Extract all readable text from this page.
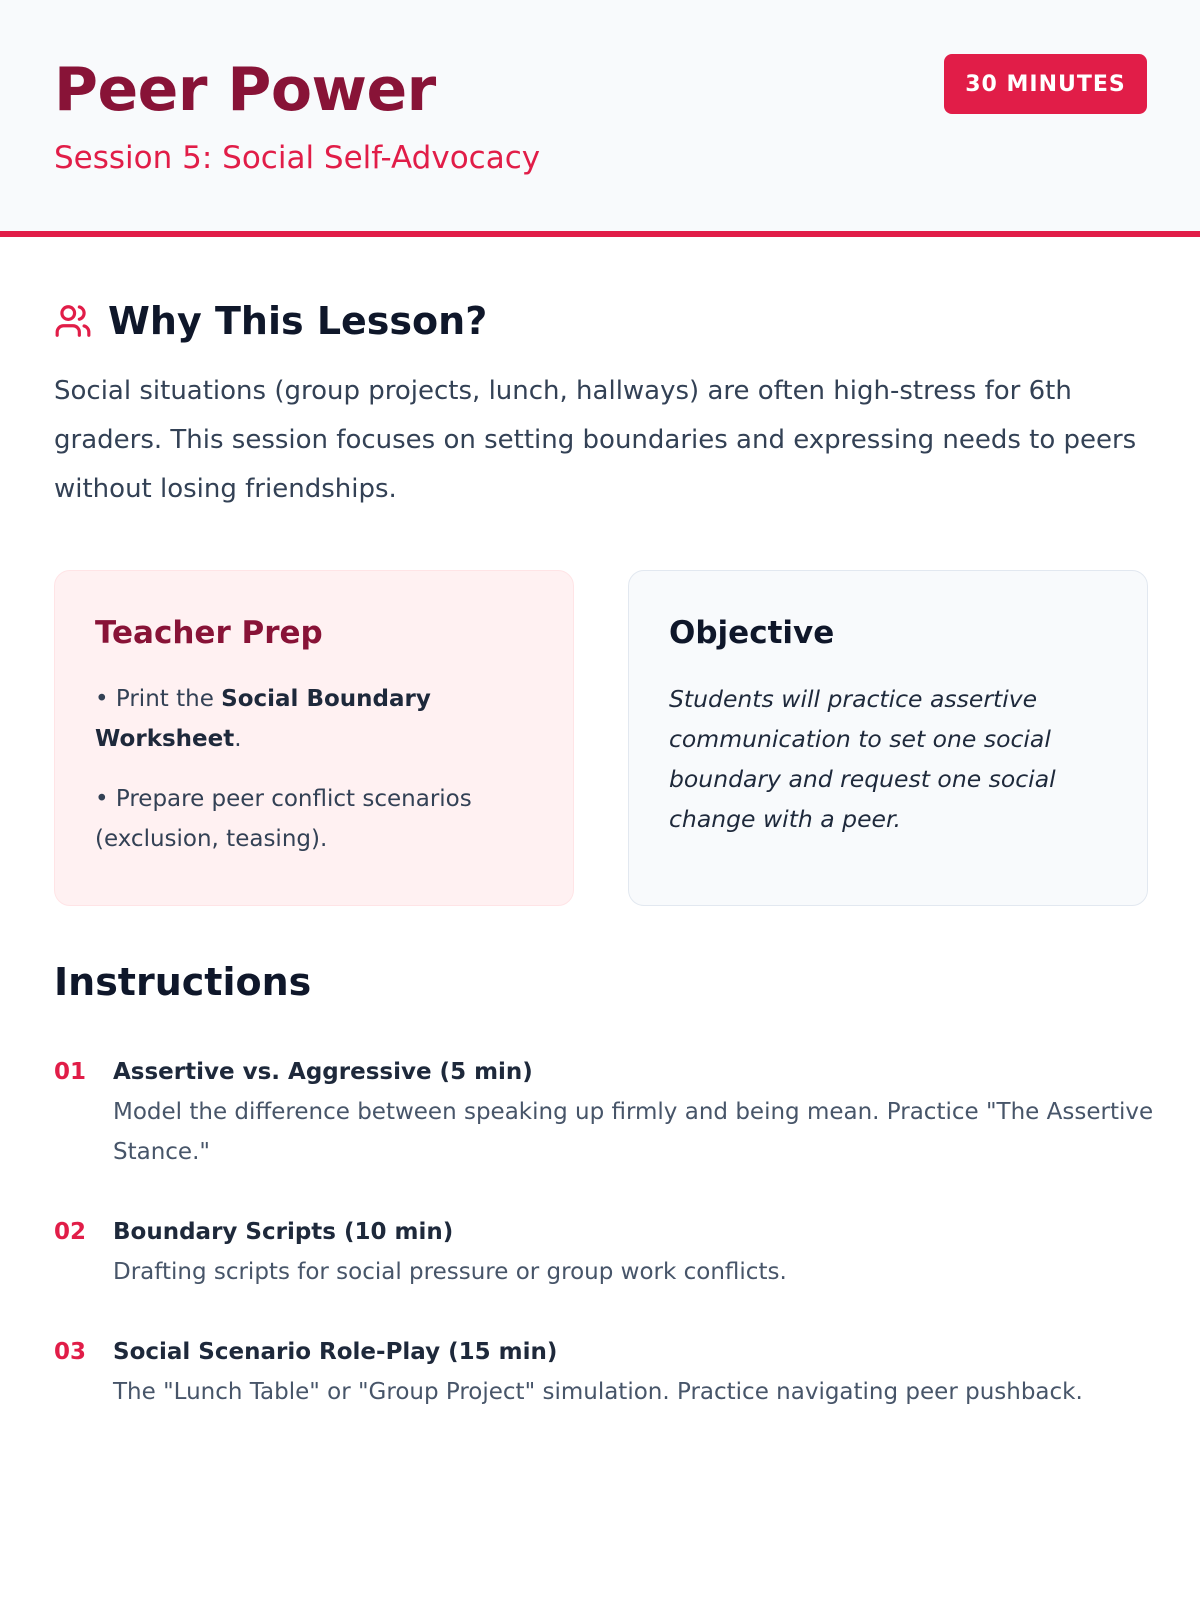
Peer Power
Session 5: Social Self-Advocacy
30 MINUTES
Why This Lesson?

Social situations (group projects, lunch, hallways) are often high-stress for 6th graders. This session focuses on setting boundaries and expressing needs to peers without losing friendships.

Teacher Prep

• Print the Social Boundary Worksheet.

• Prepare peer conflict scenarios (exclusion, teasing).

Objective

Students will practice assertive communication to set one social boundary and request one social change with a peer.

Instructions
01 Assertive vs. Aggressive (5 min)
Model the difference between speaking up firmly and being mean. Practice "The Assertive Stance."
02 Boundary Scripts (10 min)
Drafting scripts for social pressure or group work conflicts.
03 Social Scenario Role-Play (15 min)
The "Lunch Table" or "Group Project" simulation. Practice navigating peer pushback.
